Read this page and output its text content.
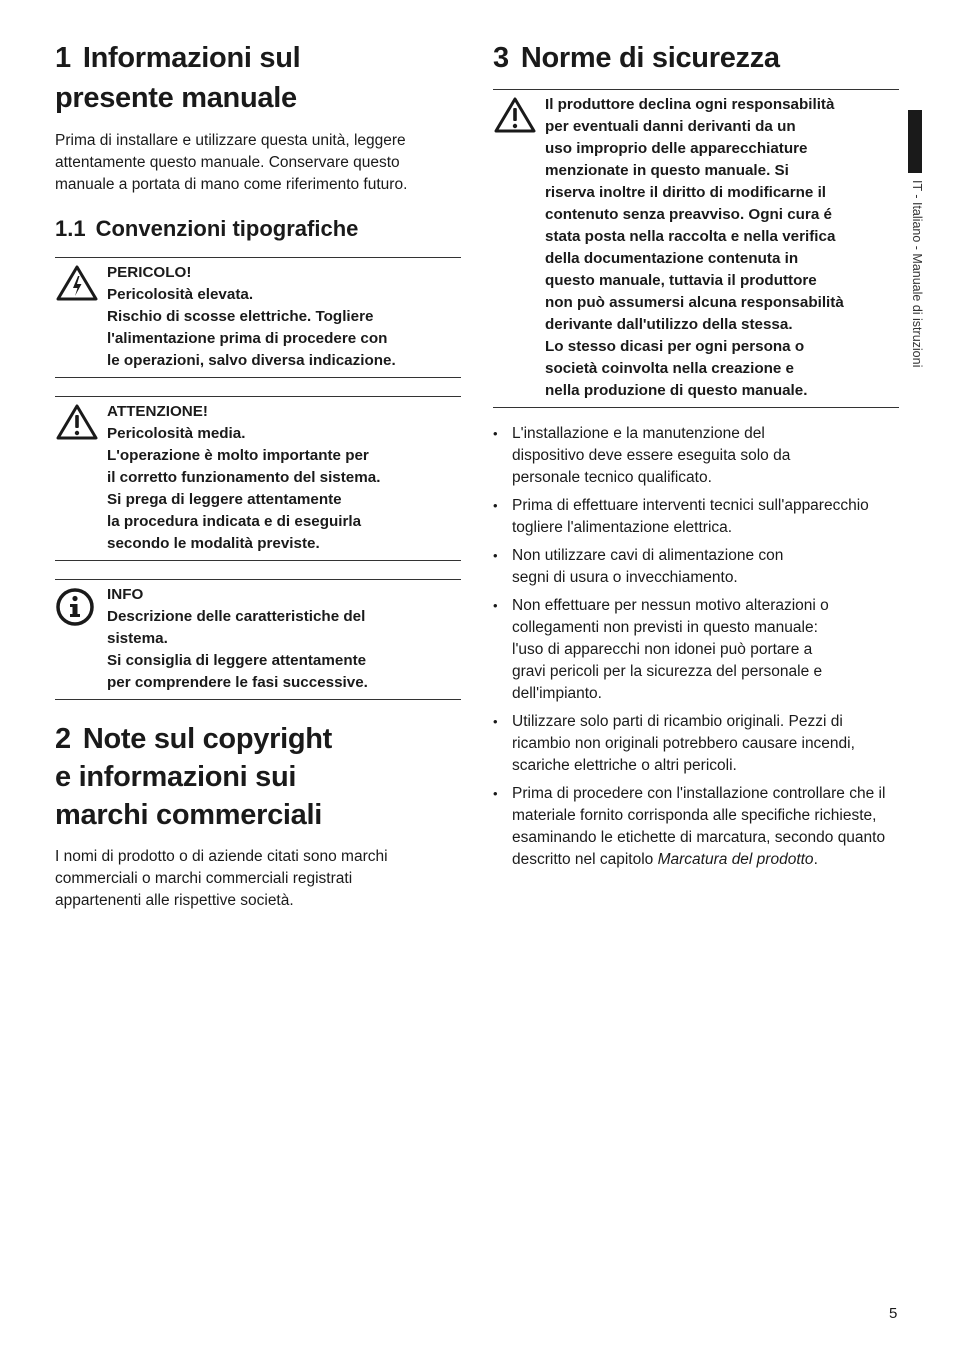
1 Informazioni sul
presente manuale

Prima di installare e utilizzare questa unità, leggere attentamente questo manuale. Conservare questo manuale a portata di mano come riferimento futuro.

1.1 Convenzioni tipografiche
PERICOLO!
Pericolosità elevata.
Rischio di scosse elettriche. Togliere
l'alimentazione prima di procedere con
le operazioni, salvo diversa indicazione.
ATTENZIONE!
Pericolosità media.
L'operazione è molto importante per
il corretto funzionamento del sistema.
Si prega di leggere attentamente
la procedura indicata e di eseguirla
secondo le modalità previste.
INFO
Descrizione delle caratteristiche del
sistema.
Si consiglia di leggere attentamente
per comprendere le fasi successive.
2 Note sul copyright
e informazioni sui
marchi commerciali

I nomi di prodotto o di aziende citati sono marchi commerciali o marchi commerciali registrati appartenenti alle rispettive società.

3 Norme di sicurezza
Il produttore declina ogni responsabilità
per eventuali danni derivanti da un
uso improprio delle apparecchiature
menzionate in questo manuale. Si
riserva inoltre il diritto di modificarne il
contenuto senza preavviso. Ogni cura é
stata posta nella raccolta e nella verifica
della documentazione contenuta in
questo manuale, tuttavia il produttore
non può assumersi alcuna responsabilità
derivante dall'utilizzo della stessa.
Lo stesso dicasi per ogni persona o
società coinvolta nella creazione e
nella produzione di questo manuale.
• L'installazione e la manutenzione del dispositivo deve essere eseguita solo da personale tecnico qualificato.
• Prima di effettuare interventi tecnici sull'apparecchio togliere l'alimentazione elettrica.
• Non utilizzare cavi di alimentazione con segni di usura o invecchiamento.
• Non effettuare per nessun motivo alterazioni o collegamenti non previsti in questo manuale: l'uso di apparecchi non idonei può portare a gravi pericoli per la sicurezza del personale e dell'impianto.
• Utilizzare solo parti di ricambio originali. Pezzi di ricambio non originali potrebbero causare incendi, scariche elettriche o altri pericoli.
• Prima di procedere con l'installazione controllare che il materiale fornito corrisponda alle specifiche richieste, esaminando le etichette di marcatura, secondo quanto descritto nel capitolo Marcatura del prodotto.
IT - Italiano - Manuale di istruzioni
5
